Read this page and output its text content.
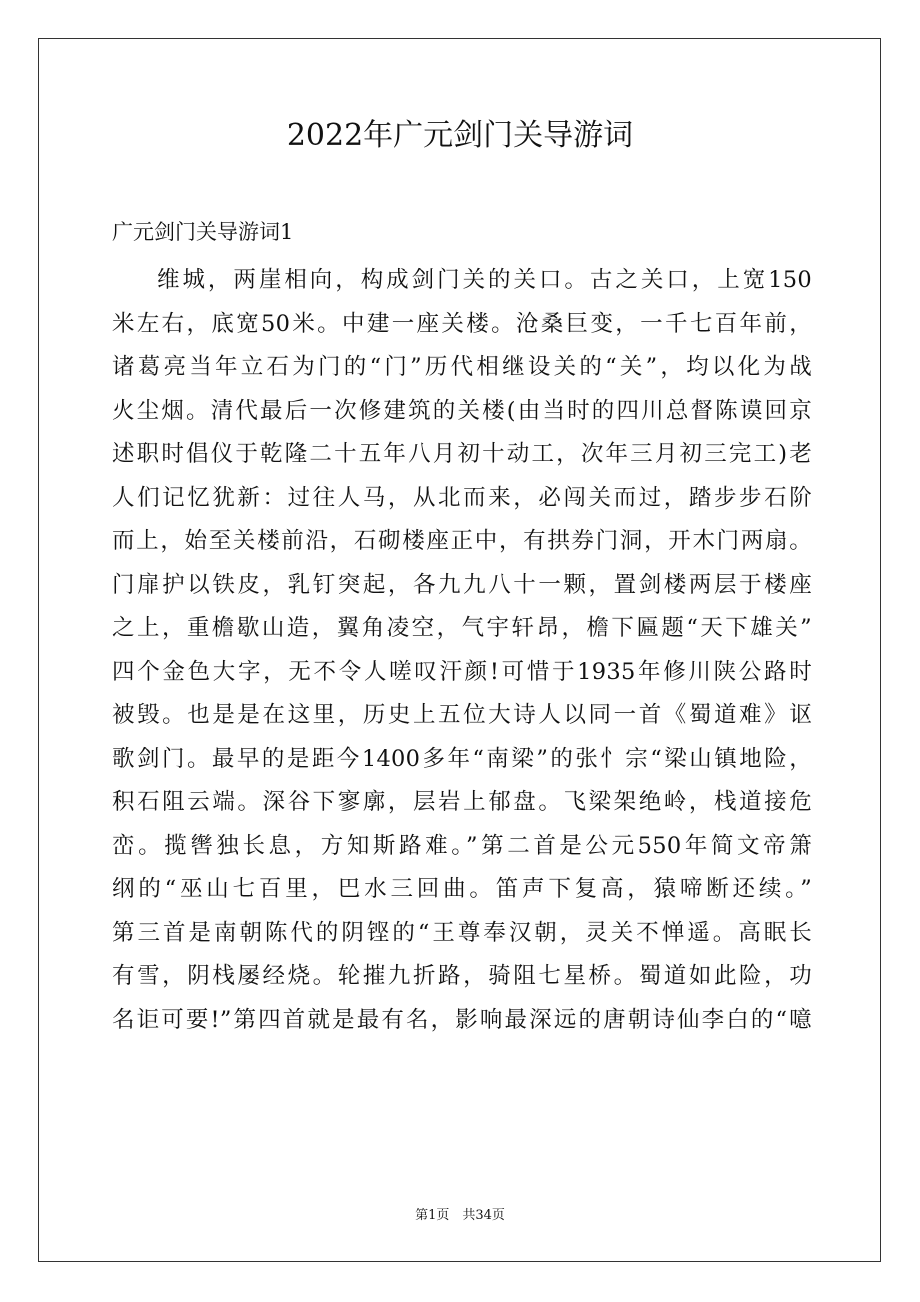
2022年广元剑门关导游词
广元剑门关导游词1
维城，两崖相向，构成剑门关的关口。古之关口，上宽150
米左右，底宽50米。中建一座关楼。沧桑巨变，一千七百年前，
诸葛亮当年立石为门的“门”历代相继设关的“关”，均以化为战
火尘烟。清代最后一次修建筑的关楼(由当时的四川总督陈谟回京
述职时倡仪于乾隆二十五年八月初十动工，次年三月初三完工)老
人们记忆犹新：过往人马，从北而来，必闯关而过，踏步步石阶
而上，始至关楼前沿，石砌楼座正中，有拱券门洞，开木门两扇。
门扉护以铁皮，乳钉突起，各九九八十一颗，置剑楼两层于楼座
之上，重檐歇山造，翼角凌空，气宇轩昂，檐下匾题“天下雄关”
四个金色大字，无不令人嗟叹汗颜!可惜于1935年修川陕公路时
被毁。也是是在这里，历史上五位大诗人以同一首《蜀道难》讴
歌剑门。最早的是距今1400多年“南梁”的张忄宗“梁山镇地险，
积石阻云端。深谷下寥廓，层岩上郁盘。飞梁架绝岭，栈道接危
峦。揽辔独长息，方知斯路难。”第二首是公元550年简文帝箫
纲的“巫山七百里，巴水三回曲。笛声下复高，猿啼断还续。”
第三首是南朝陈代的阴铿的“王尊奉汉朝，灵关不惮遥。高眠长
有雪，阴栈屡经烧。轮摧九折路，骑阻七星桥。蜀道如此险，功
名讵可要!”第四首就是最有名，影响最深远的唐朝诗仙李白的“噫
第1页　共34页
